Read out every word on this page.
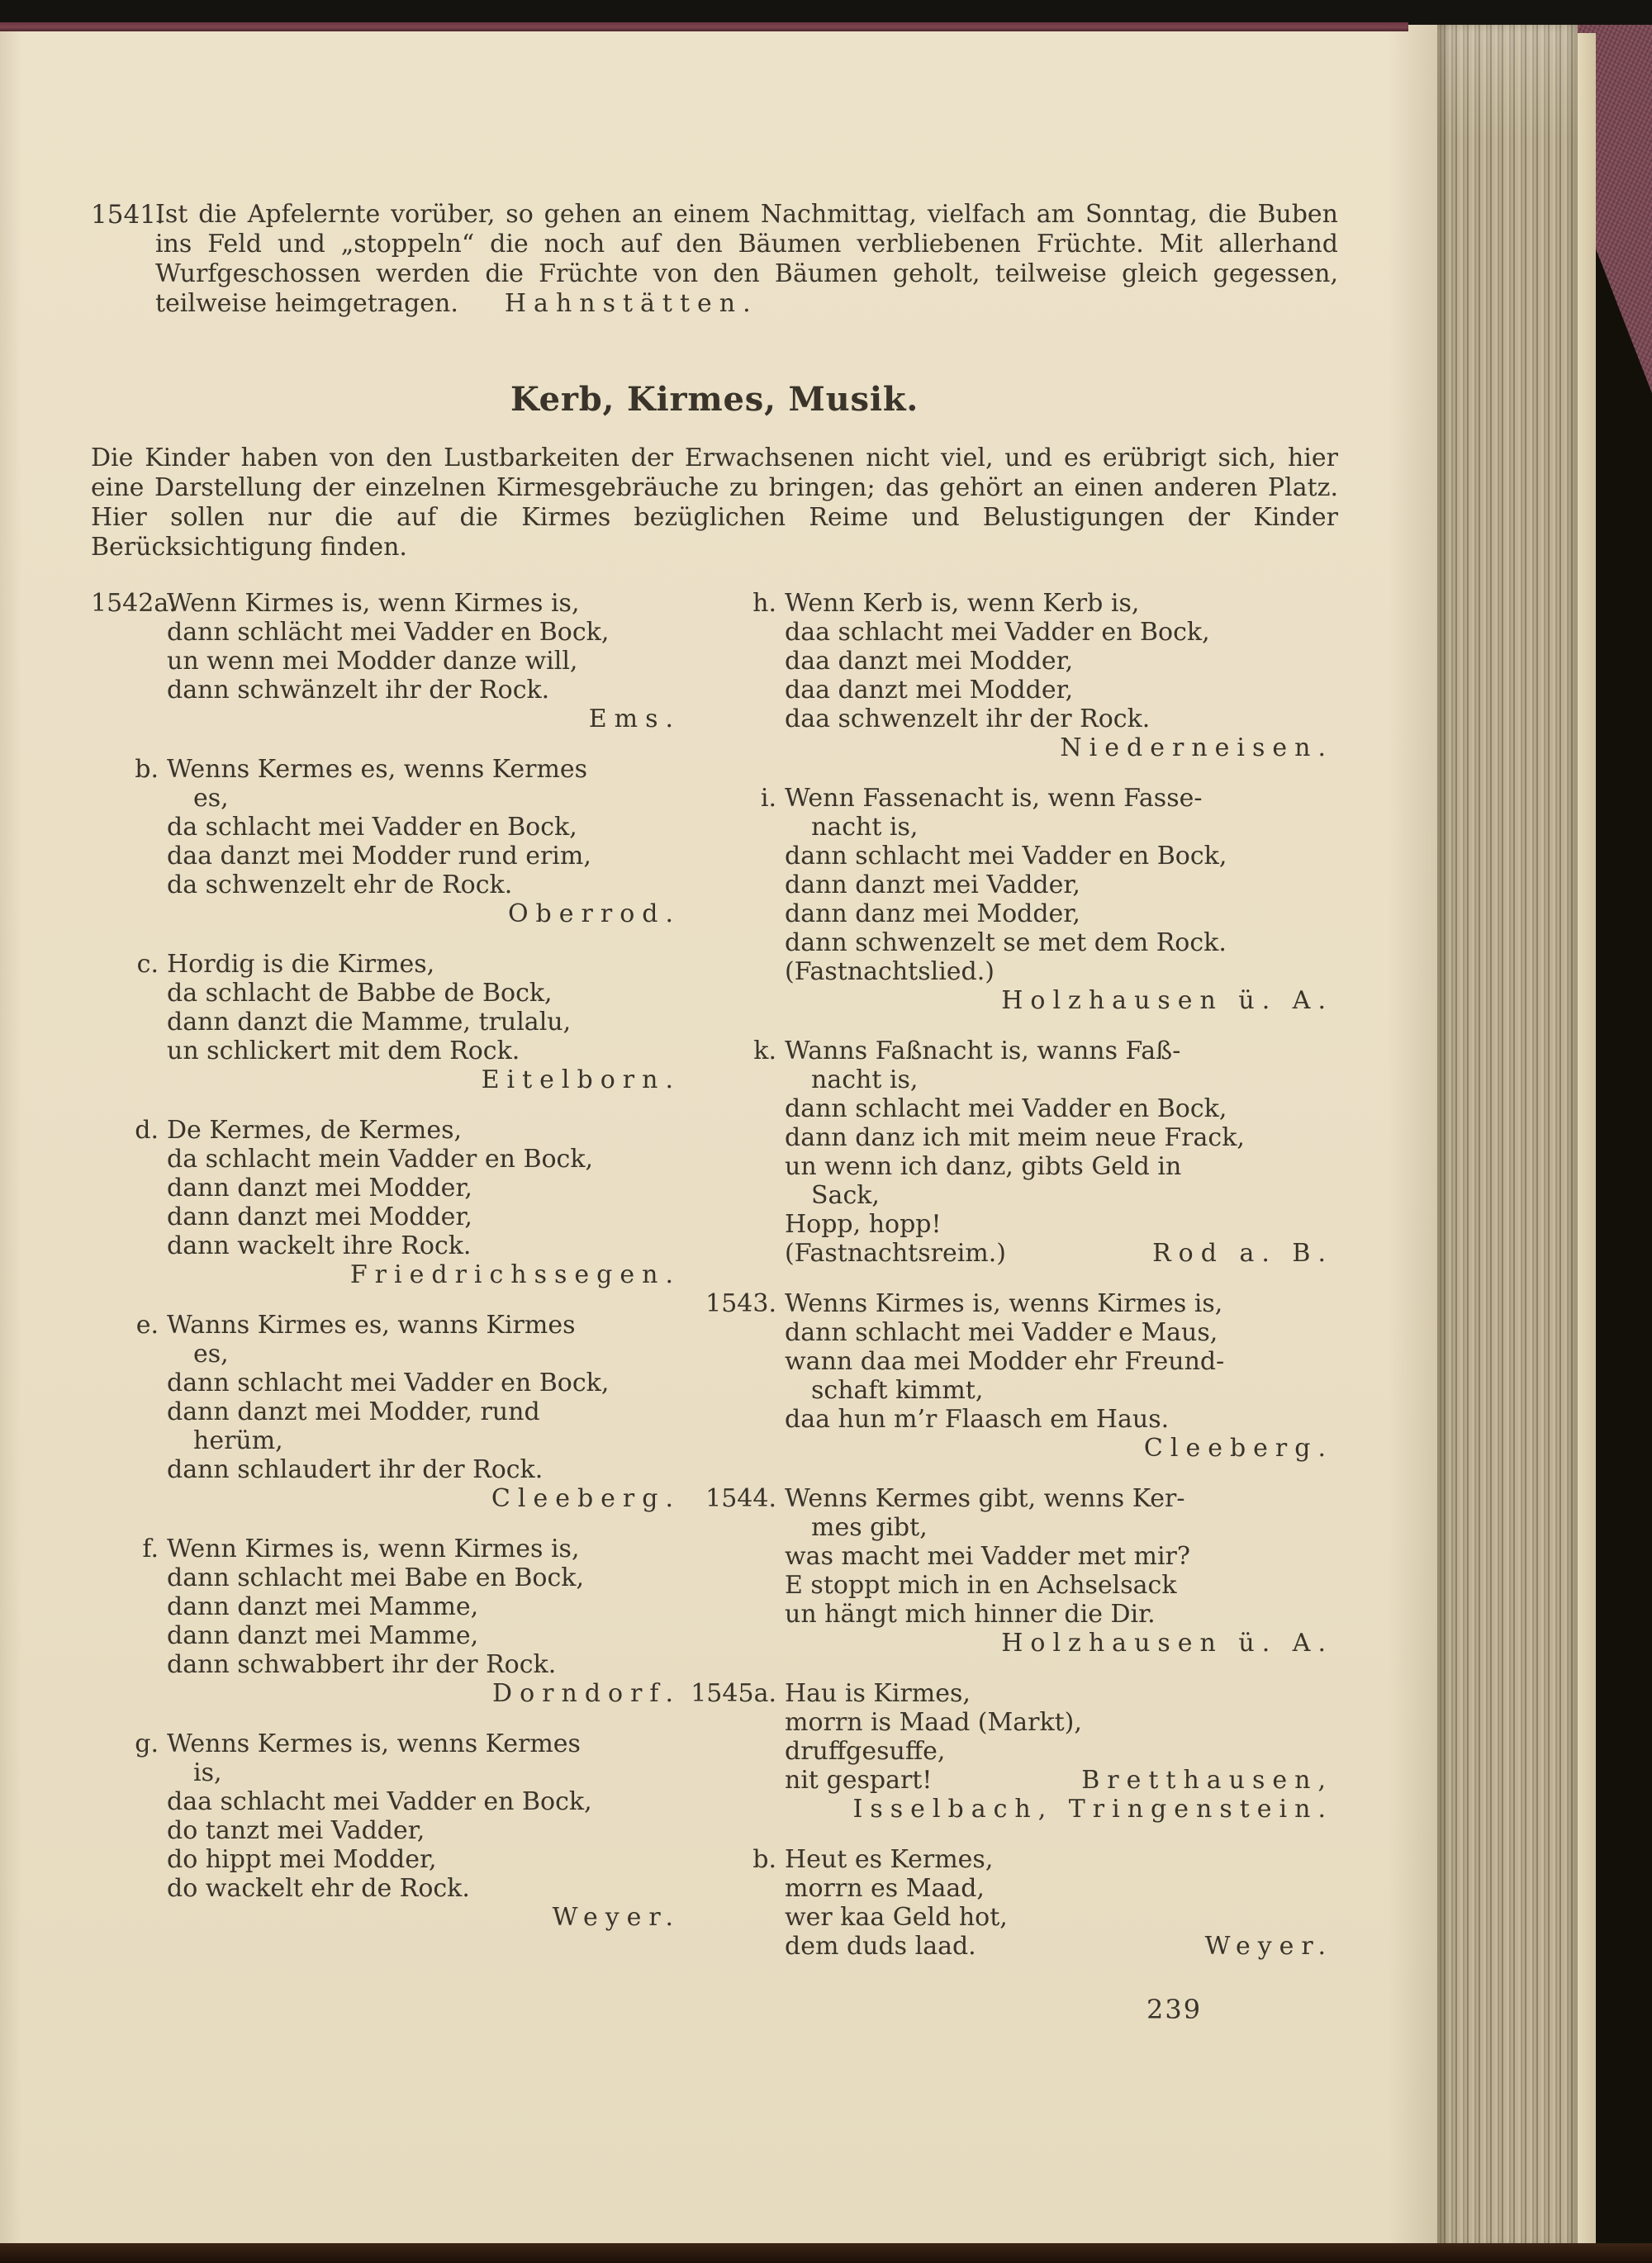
1541.

Ist die Apfelernte vorüber, so gehen an einem Nachmittag, vielfach am Sonntag, die Buben ins Feld und „stoppeln“ die noch auf den Bäumen verbliebenen Früchte. Mit allerhand Wurfgeschossen werden die Früchte von den Bäumen geholt, teilweise gleich gegessen, teilweise heimgetragen. Hahnstätten.

Kerb, Kirmes, Musik.

Die Kinder haben von den Lustbarkeiten der Erwachsenen nicht viel, und es erübrigt sich, hier eine Darstellung der einzelnen Kirmesgebräuche zu bringen; das gehört an einen anderen Platz. Hier sollen nur die auf die Kirmes bezüglichen Reime und Belustigungen der Kinder Berücksichtigung finden.

1542a.
Wenn Kirmes is, wenn Kirmes is,
dann schlächt mei Vadder en Bock,
un wenn mei Modder danze will,
dann schwänzelt ihr der Rock.
Ems.
b. Wenns Kermes es, wenns Kermes
es,
da schlacht mei Vadder en Bock,
daa danzt mei Modder rund erim,
da schwenzelt ehr de Rock.
Oberrod.
c. Hordig is die Kirmes,
da schlacht de Babbe de Bock,
dann danzt die Mamme, trulalu,
un schlickert mit dem Rock.
Eitelborn.
d. De Kermes, de Kermes,
da schlacht mein Vadder en Bock,
dann danzt mei Modder,
dann danzt mei Modder,
dann wackelt ihre Rock.
Friedrichssegen.
e. Wanns Kirmes es, wanns Kirmes
es,
dann schlacht mei Vadder en Bock,
dann danzt mei Modder, rund
herüm,
dann schlaudert ihr der Rock.
Cleeberg.
f. Wenn Kirmes is, wenn Kirmes is,
dann schlacht mei Babe en Bock,
dann danzt mei Mamme,
dann danzt mei Mamme,
dann schwabbert ihr der Rock.
Dorndorf.
g. Wenns Kermes is, wenns Kermes
is,
daa schlacht mei Vadder en Bock,
do tanzt mei Vadder,
do hippt mei Modder,
do wackelt ehr de Rock.
Weyer.
h. Wenn Kerb is, wenn Kerb is,
daa schlacht mei Vadder en Bock,
daa danzt mei Modder,
daa danzt mei Modder,
daa schwenzelt ihr der Rock.
Niederneisen.
i. Wenn Fassenacht is, wenn Fasse-
nacht is,
dann schlacht mei Vadder en Bock,
dann danzt mei Vadder,
dann danz mei Modder,
dann schwenzelt se met dem Rock.
(Fastnachtslied.)
Holzhausen ü. A.
k. Wanns Faßnacht is, wanns Faß-
nacht is,
dann schlacht mei Vadder en Bock,
dann danz ich mit meim neue Frack,
un wenn ich danz, gibts Geld in
Sack,
Hopp, hopp!
(Fastnachtsreim.)	Rod a. B.
1543. Wenns Kirmes is, wenns Kirmes is,
dann schlacht mei Vadder e Maus,
wann daa mei Modder ehr Freund-
schaft kimmt,
daa hun m’r Flaasch em Haus.
Cleeberg.
1544. Wenns Kermes gibt, wenns Ker-
mes gibt,
was macht mei Vadder met mir?
E stoppt mich in en Achselsack
un hängt mich hinner die Dir.
Holzhausen ü. A.
1545a. Hau is Kirmes,
morrn is Maad (Markt),
druffgesuffe,
nit gespart!	Bretthausen,
Isselbach, Tringenstein.
b. Heut es Kermes,
morrn es Maad,
wer kaa Geld hot,
dem duds laad.	Weyer.
239
